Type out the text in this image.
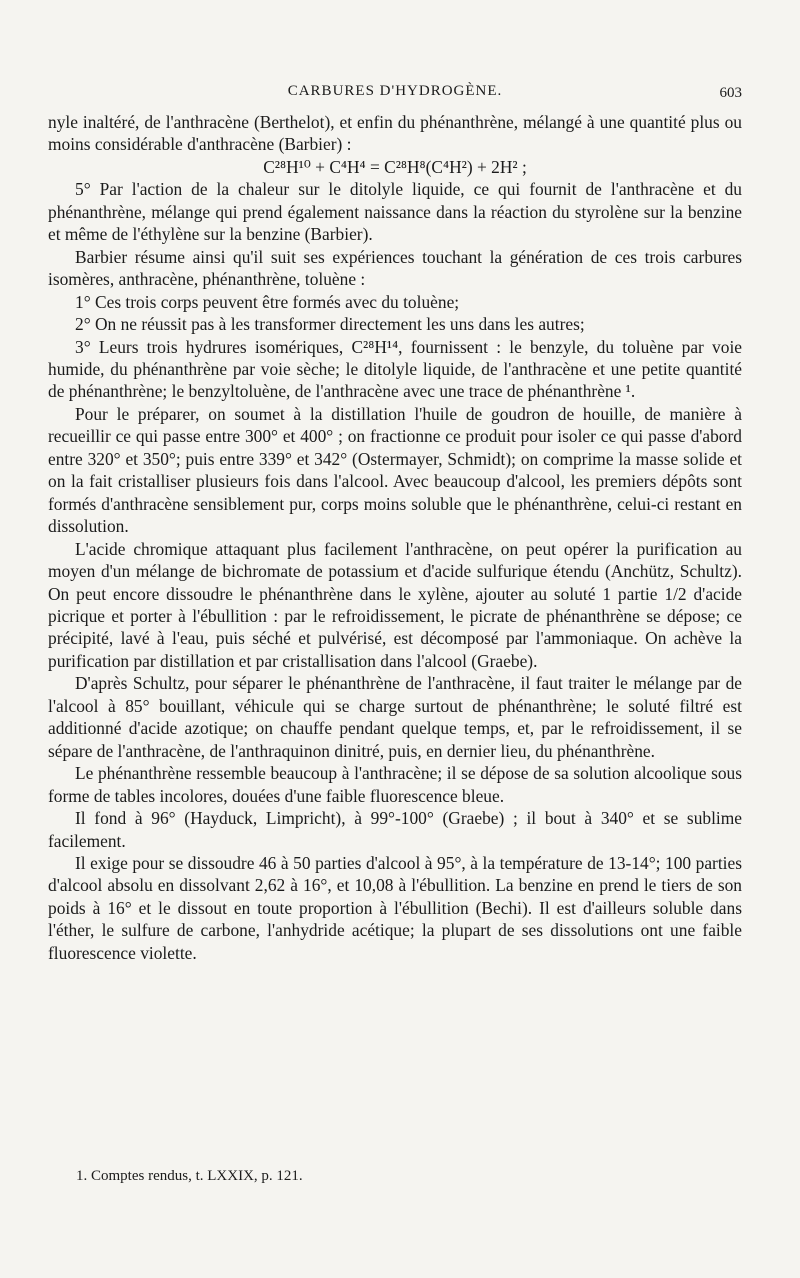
CARBURES D'HYDROGÈNE.	603

nyle inaltéré, de l'anthracène (Berthelot), et enfin du phénanthrène, mélangé à une quantité plus ou moins considérable d'anthracène (Barbier) :

C²⁸H¹⁰ + C⁴H⁴ = C²⁸H⁸(C⁴H²) + 2H² ;

5° Par l'action de la chaleur sur le ditolyle liquide, ce qui fournit de l'anthracène et du phénanthrène, mélange qui prend également naissance dans la réaction du styrolène sur la benzine et même de l'éthylène sur la benzine (Barbier).

Barbier résume ainsi qu'il suit ses expériences touchant la génération de ces trois carbures isomères, anthracène, phénanthrène, toluène :

1° Ces trois corps peuvent être formés avec du toluène;

2° On ne réussit pas à les transformer directement les uns dans les autres;

3° Leurs trois hydrures isomériques, C²⁸H¹⁴, fournissent : le benzyle, du toluène par voie humide, du phénanthrène par voie sèche; le ditolyle liquide, de l'anthracène et une petite quantité de phénanthrène; le benzyltoluène, de l'anthracène avec une trace de phénanthrène ¹.

Pour le préparer, on soumet à la distillation l'huile de goudron de houille, de manière à recueillir ce qui passe entre 300° et 400° ; on fractionne ce produit pour isoler ce qui passe d'abord entre 320° et 350°; puis entre 339° et 342° (Ostermayer, Schmidt); on comprime la masse solide et on la fait cristalliser plusieurs fois dans l'alcool. Avec beaucoup d'alcool, les premiers dépôts sont formés d'anthracène sensiblement pur, corps moins soluble que le phénanthrène, celui-ci restant en dissolution.

L'acide chromique attaquant plus facilement l'anthracène, on peut opérer la purification au moyen d'un mélange de bichromate de potassium et d'acide sulfurique étendu (Anchütz, Schultz). On peut encore dissoudre le phénanthrène dans le xylène, ajouter au soluté 1 partie 1/2 d'acide picrique et porter à l'ébullition : par le refroidissement, le picrate de phénanthrène se dépose; ce précipité, lavé à l'eau, puis séché et pulvérisé, est décomposé par l'ammoniaque. On achève la purification par distillation et par cristallisation dans l'alcool (Graebe).

D'après Schultz, pour séparer le phénanthrène de l'anthracène, il faut traiter le mélange par de l'alcool à 85° bouillant, véhicule qui se charge surtout de phénanthrène; le soluté filtré est additionné d'acide azotique; on chauffe pendant quelque temps, et, par le refroidissement, il se sépare de l'anthracène, de l'anthraquinon dinitré, puis, en dernier lieu, du phénanthrène.

Le phénanthrène ressemble beaucoup à l'anthracène; il se dépose de sa solution alcoolique sous forme de tables incolores, douées d'une faible fluorescence bleue.

Il fond à 96° (Hayduck, Limpricht), à 99°-100° (Graebe) ; il bout à 340° et se sublime facilement.

Il exige pour se dissoudre 46 à 50 parties d'alcool à 95°, à la température de 13-14°; 100 parties d'alcool absolu en dissolvant 2,62 à 16°, et 10,08 à l'ébullition. La benzine en prend le tiers de son poids à 16° et le dissout en toute proportion à l'ébullition (Bechi). Il est d'ailleurs soluble dans l'éther, le sulfure de carbone, l'anhydride acétique; la plupart de ses dissolutions ont une faible fluorescence violette.

1. Comptes rendus, t. LXXIX, p. 121.
